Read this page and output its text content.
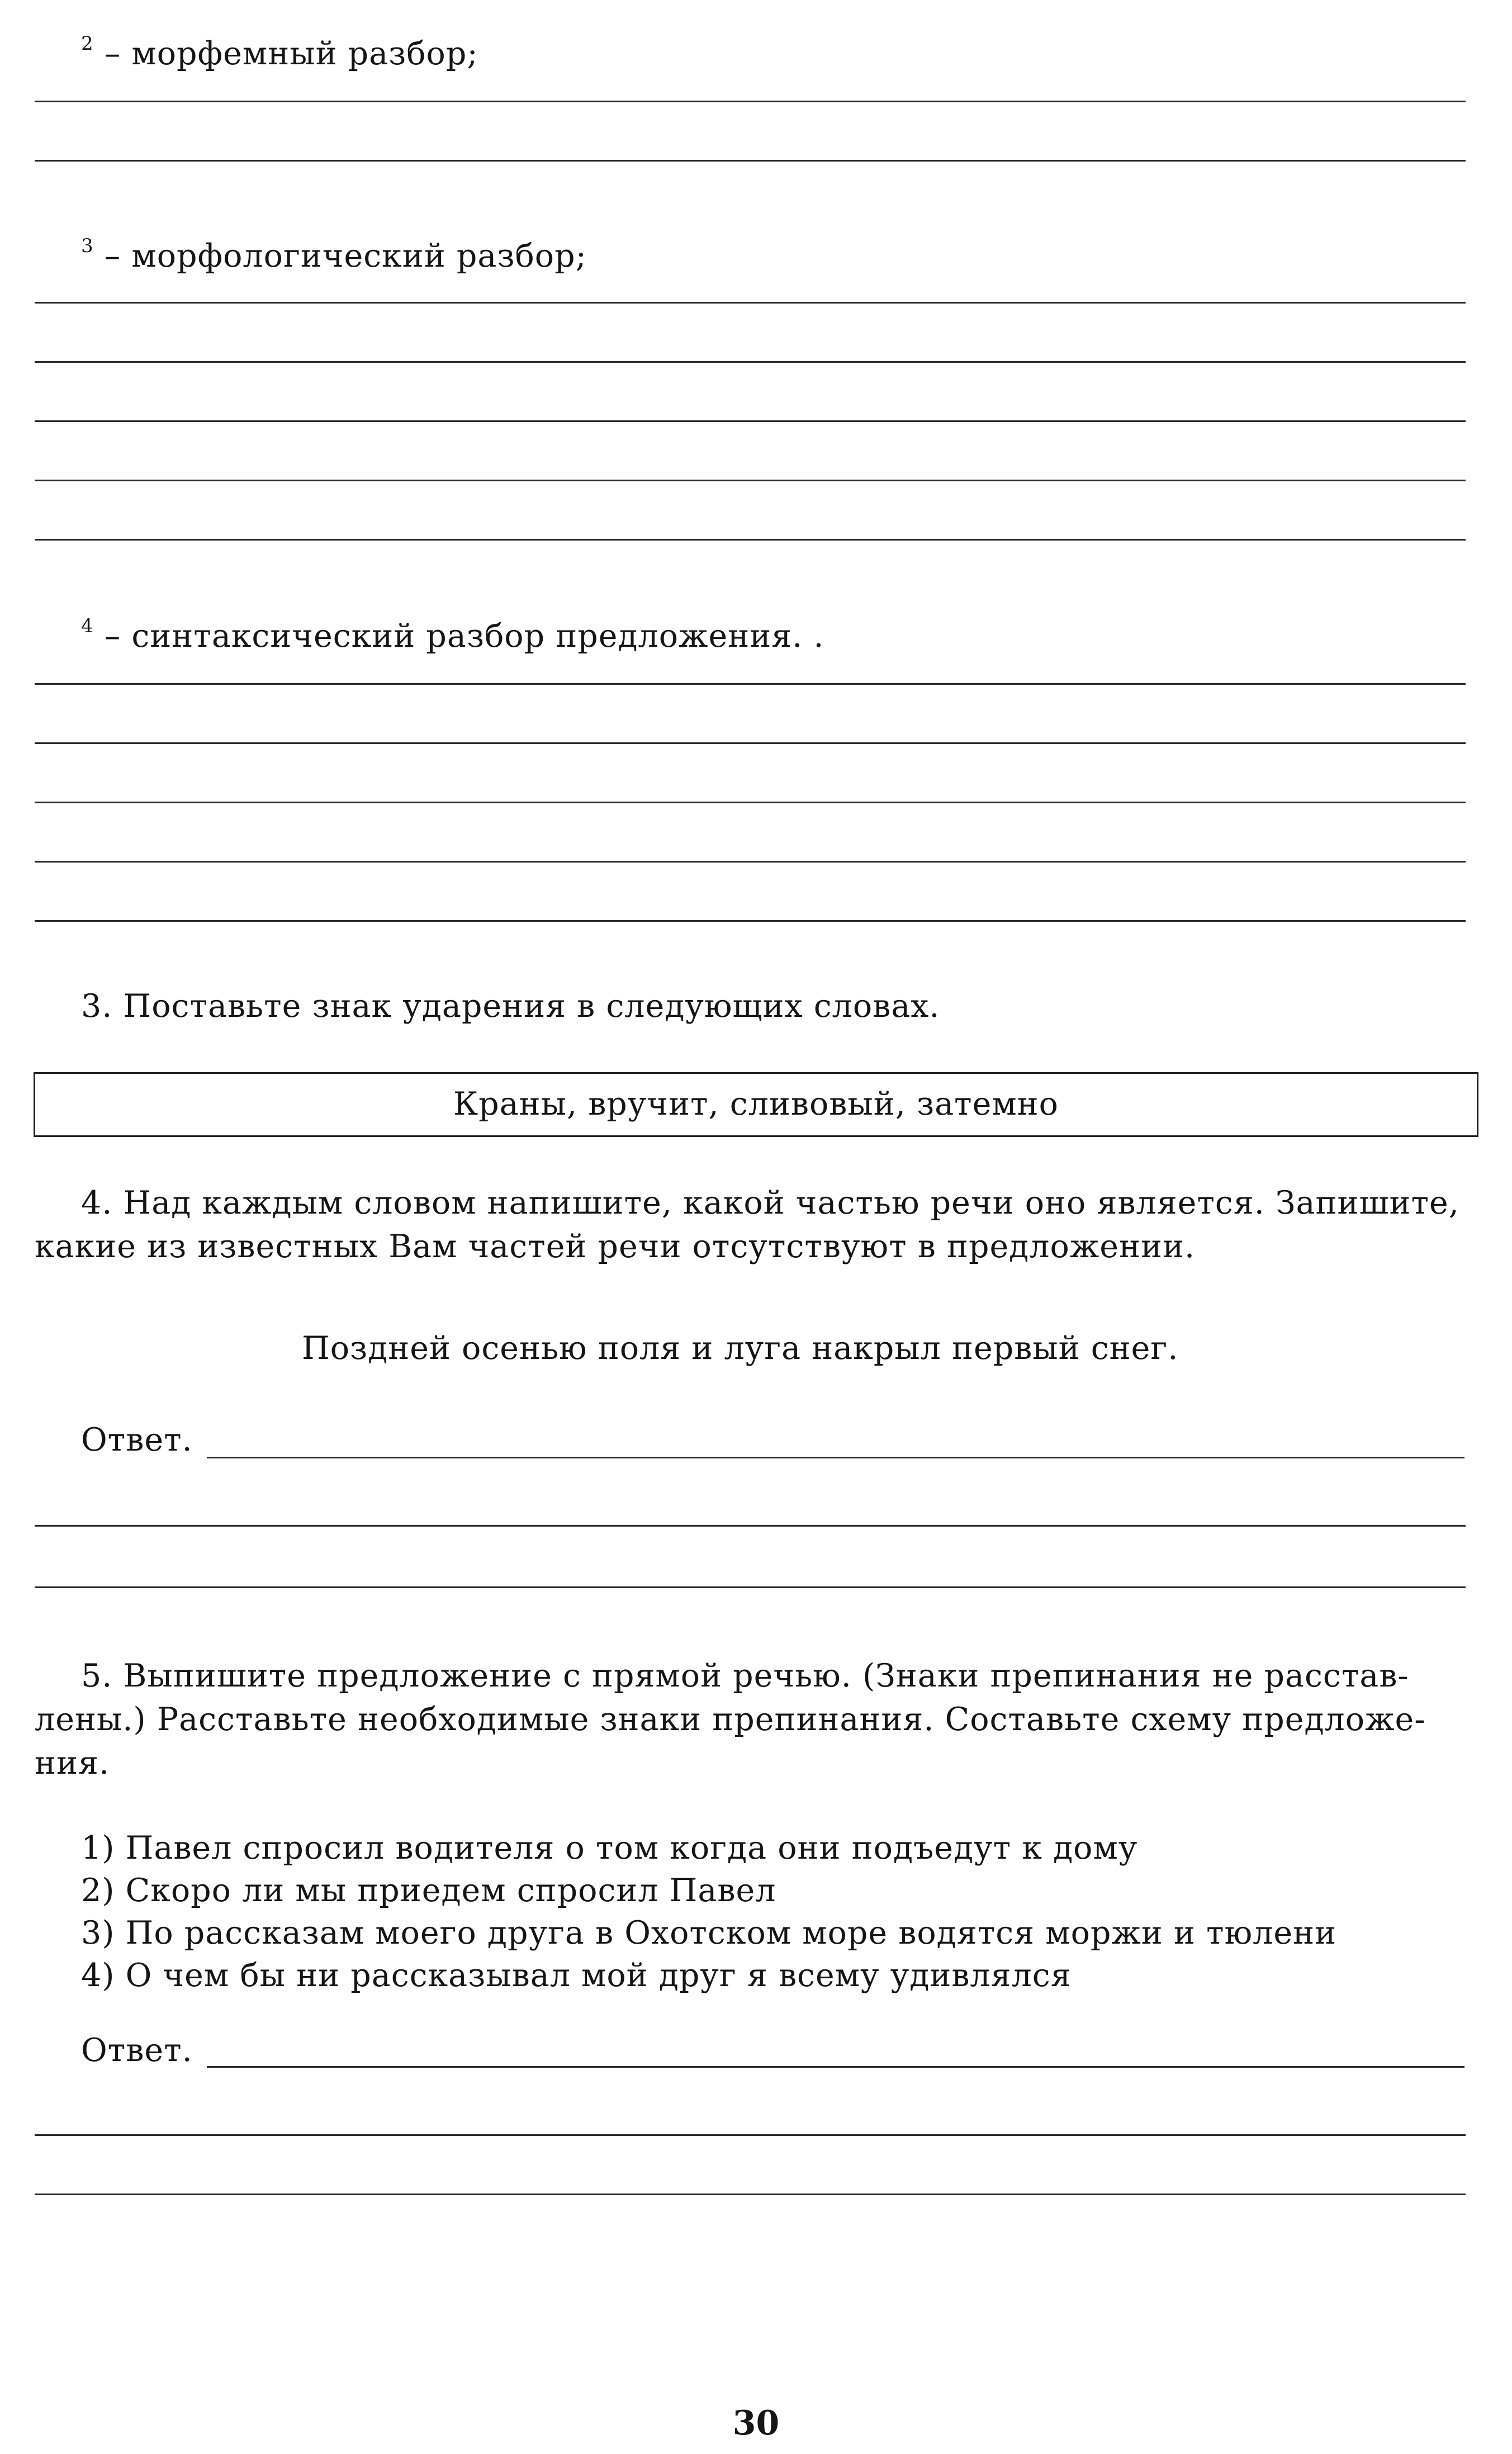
$^2$ – морфемный разбор;
$^3$ – морфологический разбор;
$^4$ – синтаксический разбор предложения. .
3. Поставьте знак ударения в следующих словах.
Краны, вручит, сливовый, затемно
4. Над каждым словом напишите, какой частью речи оно является. Запишите,
какие из известных Вам частей речи отсутствуют в предложении.
Поздней осенью поля и луга накрыл первый снег.
Ответ.
5. Выпишите предложение с прямой речью. (Знаки препинания не расстав-
лены.) Расставьте необходимые знаки препинания. Составьте схему предложе-
ния.
1) Павел спросил водителя о том когда они подъедут к дому
2) Скоро ли мы приедем спросил Павел
3) По рассказам моего друга в Охотском море водятся моржи и тюлени
4) О чем бы ни рассказывал мой друг я всему удивлялся
Ответ.
30
